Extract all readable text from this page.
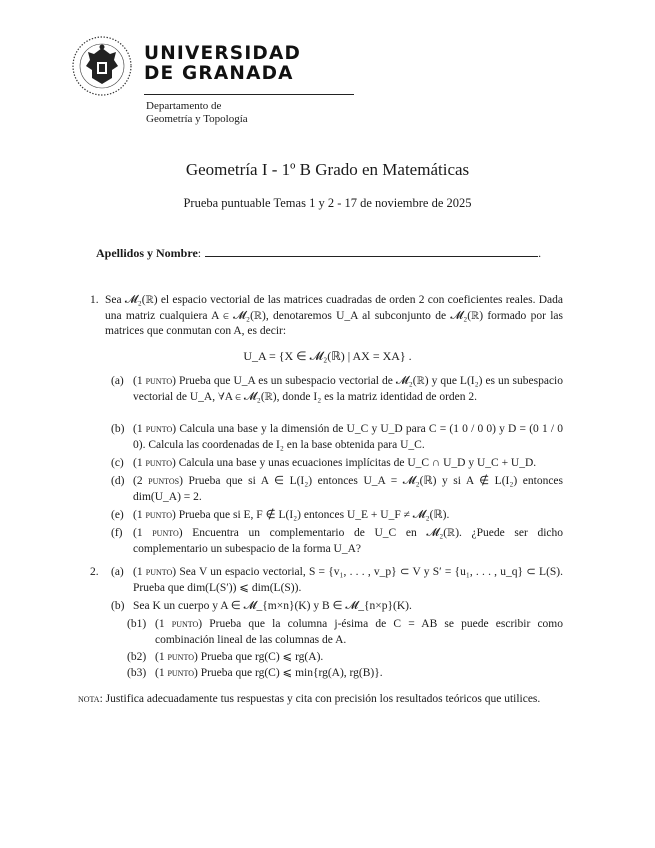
UNIVERSIDAD
DE GRANADA
Departamento de
Geometría y Topología
Geometría I - 1º B Grado en Matemáticas
Prueba puntuable Temas 1 y 2 - 17 de noviembre de 2025
Apellidos y Nombre:	.
1. Sea 𝓜₂(ℝ) el espacio vectorial de las matrices cuadradas de orden 2 con coeficientes reales. Dada una matriz cualquiera A ∈ 𝓜₂(ℝ), denotaremos U_A al subconjunto de 𝓜₂(ℝ) formado por las matrices que conmutan con A, es decir:
U_A = {X ∈ 𝓜₂(ℝ) | AX = XA} .
(a) (1 punto) Prueba que U_A es un subespacio vectorial de 𝓜₂(ℝ) y que L(I₂) es un subespacio vectorial de U_A, ∀A ∈ 𝓜₂(ℝ), donde I₂ es la matriz identidad de orden 2.
(b) (1 punto) Calcula una base y la dimensión de U_C y U_D para C = (1 0 / 0 0) y D = (0 1 / 0 0). Calcula las coordenadas de I₂ en la base obtenida para U_C.
(c) (1 punto) Calcula una base y unas ecuaciones implícitas de U_C ∩ U_D y U_C + U_D.
(d) (2 puntos) Prueba que si A ∈ L(I₂) entonces U_A = 𝓜₂(ℝ) y si A ∉ L(I₂) entonces dim(U_A) = 2.
(e) (1 punto) Prueba que si E, F ∉ L(I₂) entonces U_E + U_F ≠ 𝓜₂(ℝ).
(f) (1 punto) Encuentra un complementario de U_C en 𝓜₂(ℝ). ¿Puede ser dicho complementario un subespacio de la forma U_A?
2. (a) (1 punto) Sea V un espacio vectorial, S = {v₁, . . . , v_p} ⊂ V y S′ = {u₁, . . . , u_q} ⊂ L(S). Prueba que dim(L(S′)) ⩽ dim(L(S)).
(b) Sea K un cuerpo y A ∈ 𝓜_{m×n}(K) y B ∈ 𝓜_{n×p}(K).
(b1) (1 punto) Prueba que la columna j-ésima de C = AB se puede escribir como combinación lineal de las columnas de A.
(b2) (1 punto) Prueba que rg(C) ⩽ rg(A).
(b3) (1 punto) Prueba que rg(C) ⩽ min{rg(A), rg(B)}.
nota: Justifica adecuadamente tus respuestas y cita con precisión los resultados teóricos que utilices.
